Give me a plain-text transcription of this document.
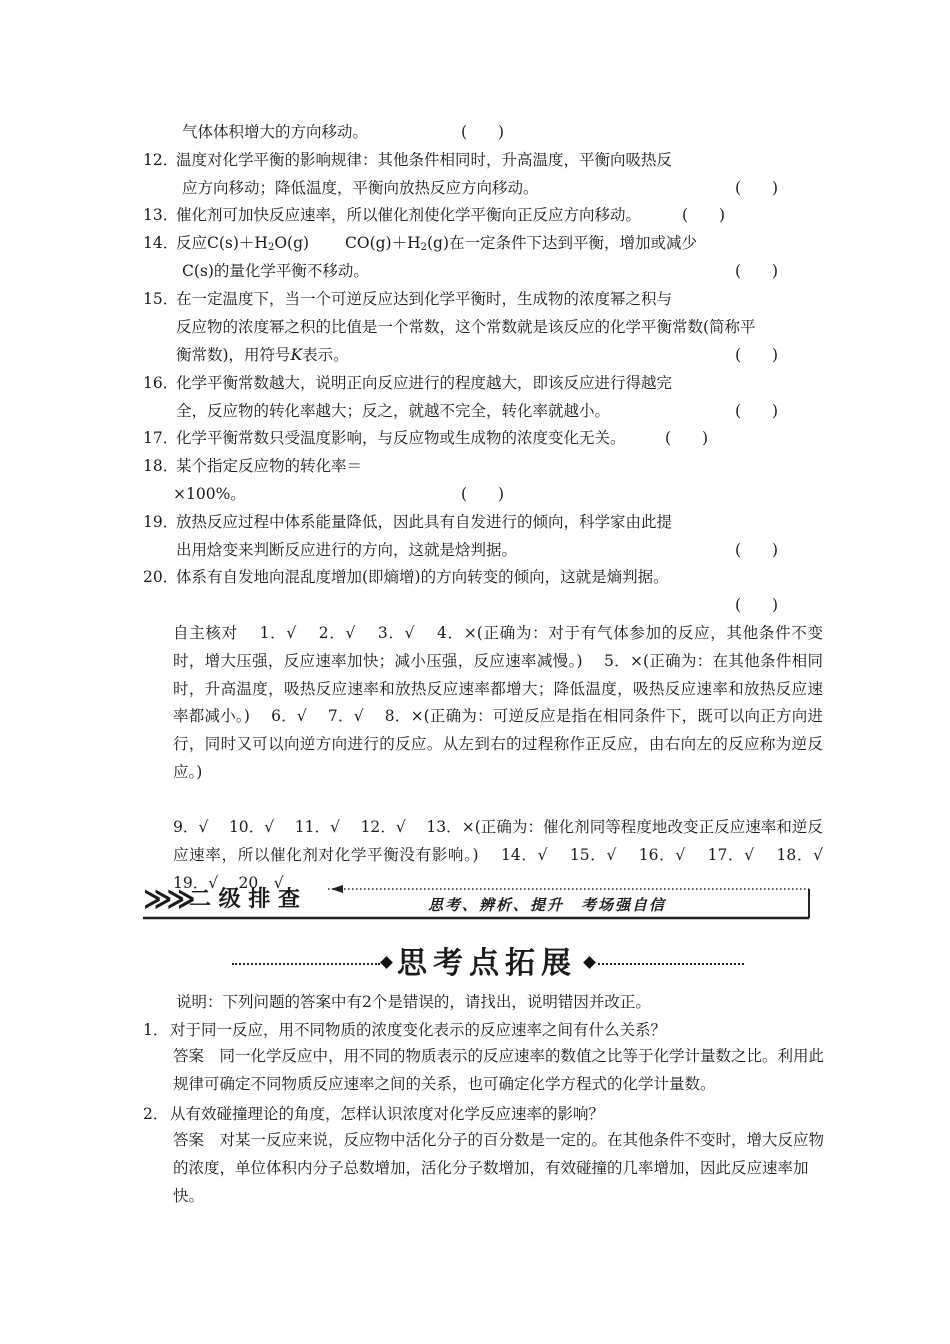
气体体积增大的方向移动。	(　　)
12．
温度对化学平衡的影响规律：其他条件相同时，升高温度，平衡向吸热反
应方向移动；降低温度，平衡向放热反应方向移动。	(　　)
13．
催化剂可加快反应速率，所以催化剂使化学平衡向正反应方向移动。	(　　)
14．
反应$C(s)+H_2O(g)$ $CO(g)+H_2(g)$在一定条件下达到平衡，增加或减少
C(s)的量化学平衡不移动。	(　　)
15．
在一定温度下，当一个可逆反应达到化学平衡时，生成物的浓度幂之积与
反应物的浓度幂之积的比值是一个常数，这个常数就是该反应的化学平衡常数(简称平
衡常数)，用符号K表示。	(　　)
16．
化学平衡常数越大，说明正向反应进行的程度越大，即该反应进行得越完
全，反应物的转化率越大；反之，就越不完全，转化率就越小。	(　　)
17．
化学平衡常数只受温度影响，与反应物或生成物的浓度变化无关。	(　　)
18．
某个指定反应物的转化率＝
×100%。	(　　)
19．
放热反应过程中体系能量降低，因此具有自发进行的倾向，科学家由此提
出用焓变来判断反应进行的方向，这就是焓判据。	(　　)
20．
体系有自发地向混乱度增加(即熵增)的方向转变的倾向，这就是熵判据。
(　　)
自主核对　 1．√　 2．√　 3．√　 4．×(正确为：对于有气体参加的反应，其他条件不变时，增大压强，反应速率加快；减小压强，反应速率减慢。)　 5．×(正确为：在其他条件相同时，升高温度，吸热反应速率和放热反应速率都增大；降低温度，吸热反应速率和放热反应速率都减小。)　 6．√　 7．√　 8．×(正确为：可逆反应是指在相同条件下，既可以向正方向进行，同时又可以向逆方向进行的反应。从左到右的过程称作正反应，由右向左的反应称为逆反应。)
9．√　 10．√　 11．√　 12．√　 13．×(正确为：催化剂同等程度地改变正反应速率和逆反应速率，所以催化剂对化学平衡没有影响。)　 14．√　 15．√　 16．√　 17．√　 18．√　 19．√　 20．√
≫≫ 二 级 排 查	思考、辨析、提升　考场强自信
思考点拓展
说明：下列问题的答案中有2个是错误的，请找出，说明错因并改正。
1． 对于同一反应，用不同物质的浓度变化表示的反应速率之间有什么关系？
答案　同一化学反应中，用不同的物质表示的反应速率的数值之比等于化学计量数之比。利用此规律可确定不同物质反应速率之间的关系，也可确定化学方程式的化学计量数。
2． 从有效碰撞理论的角度，怎样认识浓度对化学反应速率的影响？
答案　对某一反应来说，反应物中活化分子的百分数是一定的。在其他条件不变时，增大反应物的浓度，单位体积内分子总数增加，活化分子数增加，有效碰撞的几率增加，因此反应速率加快。
